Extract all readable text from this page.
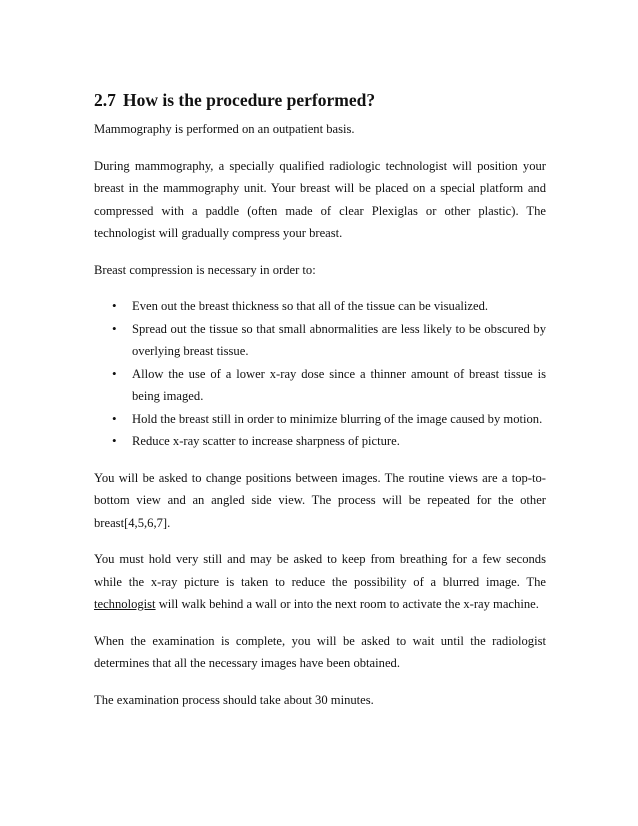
2.7 How is the procedure performed?

Mammography is performed on an outpatient basis.

During mammography, a specially qualified radiologic technologist will position your breast in the mammography unit. Your breast will be placed on a special platform and compressed with a paddle (often made of clear Plexiglas or other plastic). The technologist will gradually compress your breast.

Breast compression is necessary in order to:

• Even out the breast thickness so that all of the tissue can be visualized.
• Spread out the tissue so that small abnormalities are less likely to be obscured by overlying breast tissue.
• Allow the use of a lower x-ray dose since a thinner amount of breast tissue is being imaged.
• Hold the breast still in order to minimize blurring of the image caused by motion.
• Reduce x-ray scatter to increase sharpness of picture.

You will be asked to change positions between images. The routine views are a top-to-bottom view and an angled side view. The process will be repeated for the other breast[4,5,6,7].

You must hold very still and may be asked to keep from breathing for a few seconds while the x-ray picture is taken to reduce the possibility of a blurred image. The technologist will walk behind a wall or into the next room to activate the x-ray machine.

When the examination is complete, you will be asked to wait until the radiologist determines that all the necessary images have been obtained.

The examination process should take about 30 minutes.
